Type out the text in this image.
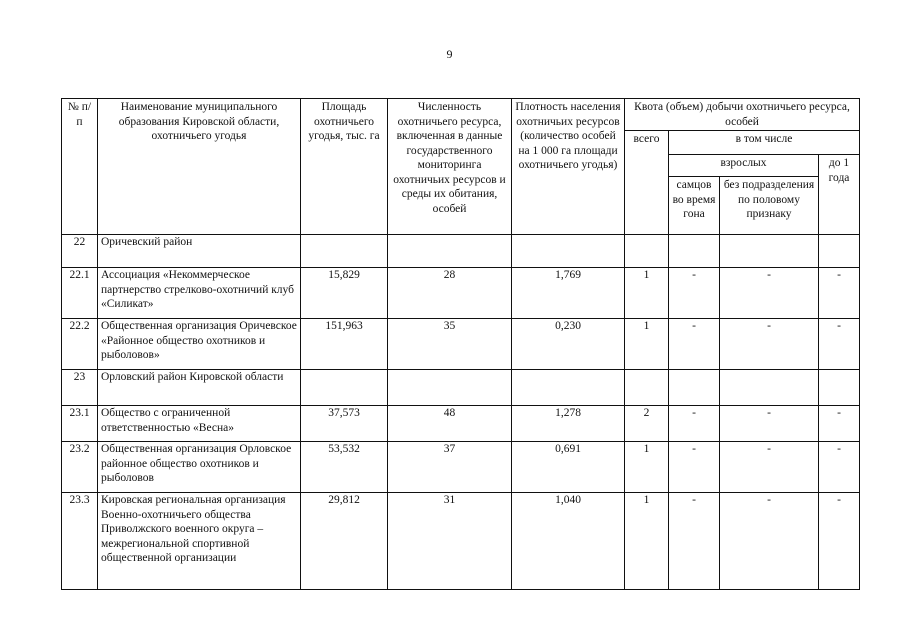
9
№ п/п	Наименование муниципального образования Кировской области, охотничьего угодья	Площадь охотничьего угодья, тыс. га	Численность охотничьего ресурса, включенная в данные государственного мониторинга охотничьих ресурсов и среды их обитания, особей	Плотность населения охотничьих ресурсов (количество особей на 1 000 га площади охотничьего угодья)	Квота (объем) добычи охотничьего ресурса, особей			
					всего	в том числе		
						взрослых		до 1 года
						самцов во время гона	без подразделения по половому признаку	
22	Оричевский район							
22.1	Ассоциация «Некоммерческое партнерство стрелково-охотничий клуб «Силикат»	15,829	28	1,769	1	-	-	-
22.2	Общественная организация Оричевское «Районное общество охотников и рыболовов»	151,963	35	0,230	1	-	-	-
23	Орловский район Кировской области							
23.1	Общество с ограниченной ответственностью «Весна»	37,573	48	1,278	2	-	-	-
23.2	Общественная организация Орловское районное общество охотников и рыболовов	53,532	37	0,691	1	-	-	-
23.3	Кировская региональная организация Военно-охотничьего общества Приволжского военного округа – межрегиональной спортивной общественной организации	29,812	31	1,040	1	-	-	-
